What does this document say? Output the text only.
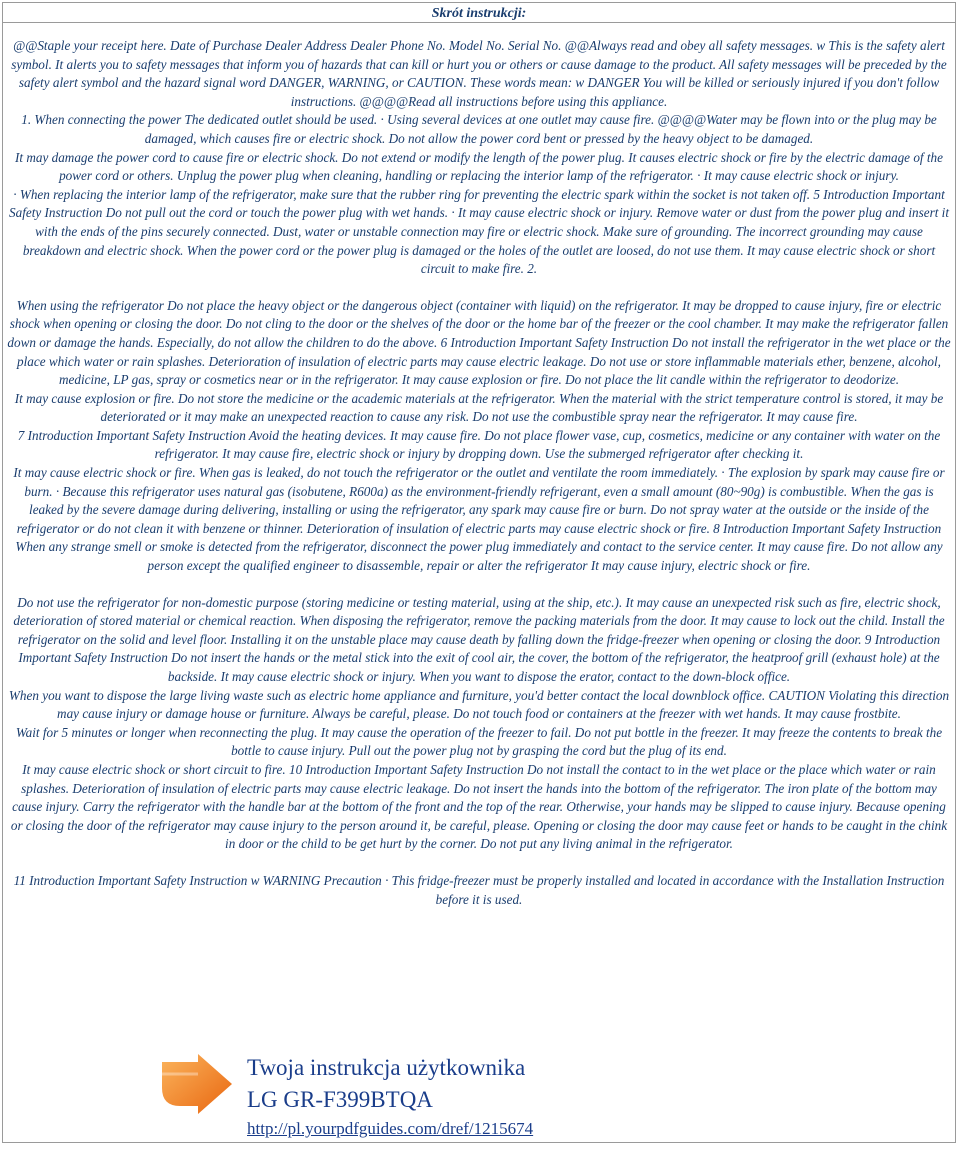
Skrót instrukcji:

@@Staple your receipt here. Date of Purchase Dealer Address Dealer Phone No. Model No. Serial No. @@Always read and obey all safety messages. w This is the safety alert symbol. It alerts you to safety messages that inform you of hazards that can kill or hurt you or others or cause damage to the product. All safety messages will be preceded by the safety alert symbol and the hazard signal word DANGER, WARNING, or CAUTION. These words mean: w DANGER You will be killed or seriously injured if you don't follow instructions. @@@@Read all instructions before using this appliance.

1. When connecting the power The dedicated outlet should be used. · Using several devices at one outlet may cause fire. @@@@Water may be flown into or the plug may be damaged, which causes fire or electric shock. Do not allow the power cord bent or pressed by the heavy object to be damaged.

It may damage the power cord to cause fire or electric shock. Do not extend or modify the length of the power plug. It causes electric shock or fire by the electric damage of the power cord or others. Unplug the power plug when cleaning, handling or replacing the interior lamp of the refrigerator. · It may cause electric shock or injury.

· When replacing the interior lamp of the refrigerator, make sure that the rubber ring for preventing the electric spark within the socket is not taken off. 5 Introduction Important Safety Instruction Do not pull out the cord or touch the power plug with wet hands. · It may cause electric shock or injury. Remove water or dust from the power plug and insert it with the ends of the pins securely connected. Dust, water or unstable connection may fire or electric shock. Make sure of grounding. The incorrect grounding may cause breakdown and electric shock. When the power cord or the power plug is damaged or the holes of the outlet are loosed, do not use them. It may cause electric shock or short circuit to make fire. 2.

When using the refrigerator Do not place the heavy object or the dangerous object (container with liquid) on the refrigerator. It may be dropped to cause injury, fire or electric shock when opening or closing the door. Do not cling to the door or the shelves of the door or the home bar of the freezer or the cool chamber. It may make the refrigerator fallen down or damage the hands. Especially, do not allow the children to do the above. 6 Introduction Important Safety Instruction Do not install the refrigerator in the wet place or the place which water or rain splashes. Deterioration of insulation of electric parts may cause electric leakage. Do not use or store inflammable materials ether, benzene, alcohol, medicine, LP gas, spray or cosmetics near or in the refrigerator. It may cause explosion or fire. Do not place the lit candle within the refrigerator to deodorize.

It may cause explosion or fire. Do not store the medicine or the academic materials at the refrigerator. When the material with the strict temperature control is stored, it may be deteriorated or it may make an unexpected reaction to cause any risk. Do not use the combustible spray near the refrigerator. It may cause fire.

7 Introduction Important Safety Instruction Avoid the heating devices. It may cause fire. Do not place flower vase, cup, cosmetics, medicine or any container with water on the refrigerator. It may cause fire, electric shock or injury by dropping down. Use the submerged refrigerator after checking it.

It may cause electric shock or fire. When gas is leaked, do not touch the refrigerator or the outlet and ventilate the room immediately. · The explosion by spark may cause fire or burn. · Because this refrigerator uses natural gas (isobutene, R600a) as the environment-friendly refrigerant, even a small amount (80~90g) is combustible. When the gas is leaked by the severe damage during delivering, installing or using the refrigerator, any spark may cause fire or burn. Do not spray water at the outside or the inside of the refrigerator or do not clean it with benzene or thinner. Deterioration of insulation of electric parts may cause electric shock or fire. 8 Introduction Important Safety Instruction When any strange smell or smoke is detected from the refrigerator, disconnect the power plug immediately and contact to the service center. It may cause fire. Do not allow any person except the qualified engineer to disassemble, repair or alter the refrigerator It may cause injury, electric shock or fire.

Do not use the refrigerator for non-domestic purpose (storing medicine or testing material, using at the ship, etc.). It may cause an unexpected risk such as fire, electric shock, deterioration of stored material or chemical reaction. When disposing the refrigerator, remove the packing materials from the door. It may cause to lock out the child. Install the refrigerator on the solid and level floor. Installing it on the unstable place may cause death by falling down the fridge-freezer when opening or closing the door. 9 Introduction Important Safety Instruction Do not insert the hands or the metal stick into the exit of cool air, the cover, the bottom of the refrigerator, the heatproof grill (exhaust hole) at the backside. It may cause electric shock or injury. When you want to dispose the erator, contact to the down-block office.

When you want to dispose the large living waste such as electric home appliance and furniture, you'd better contact the local downblock office. CAUTION Violating this direction may cause injury or damage house or furniture. Always be careful, please. Do not touch food or containers at the freezer with wet hands. It may cause frostbite.

Wait for 5 minutes or longer when reconnecting the plug. It may cause the operation of the freezer to fail. Do not put bottle in the freezer. It may freeze the contents to break the bottle to cause injury. Pull out the power plug not by grasping the cord but the plug of its end.

It may cause electric shock or short circuit to fire. 10 Introduction Important Safety Instruction Do not install the contact to in the wet place or the place which water or rain splashes. Deterioration of insulation of electric parts may cause electric leakage. Do not insert the hands into the bottom of the refrigerator. The iron plate of the bottom may cause injury. Carry the refrigerator with the handle bar at the bottom of the front and the top of the rear. Otherwise, your hands may be slipped to cause injury. Because opening or closing the door of the refrigerator may cause injury to the person around it, be careful, please. Opening or closing the door may cause feet or hands to be caught in the chink in door or the child to be get hurt by the corner. Do not put any living animal in the refrigerator.

11 Introduction Important Safety Instruction w WARNING Precaution · This fridge-freezer must be properly installed and located in accordance with the Installation Instruction before it is used.

Twoja instrukcja użytkownika
LG GR-F399BTQA
http://pl.yourpdfguides.com/dref/1215674
